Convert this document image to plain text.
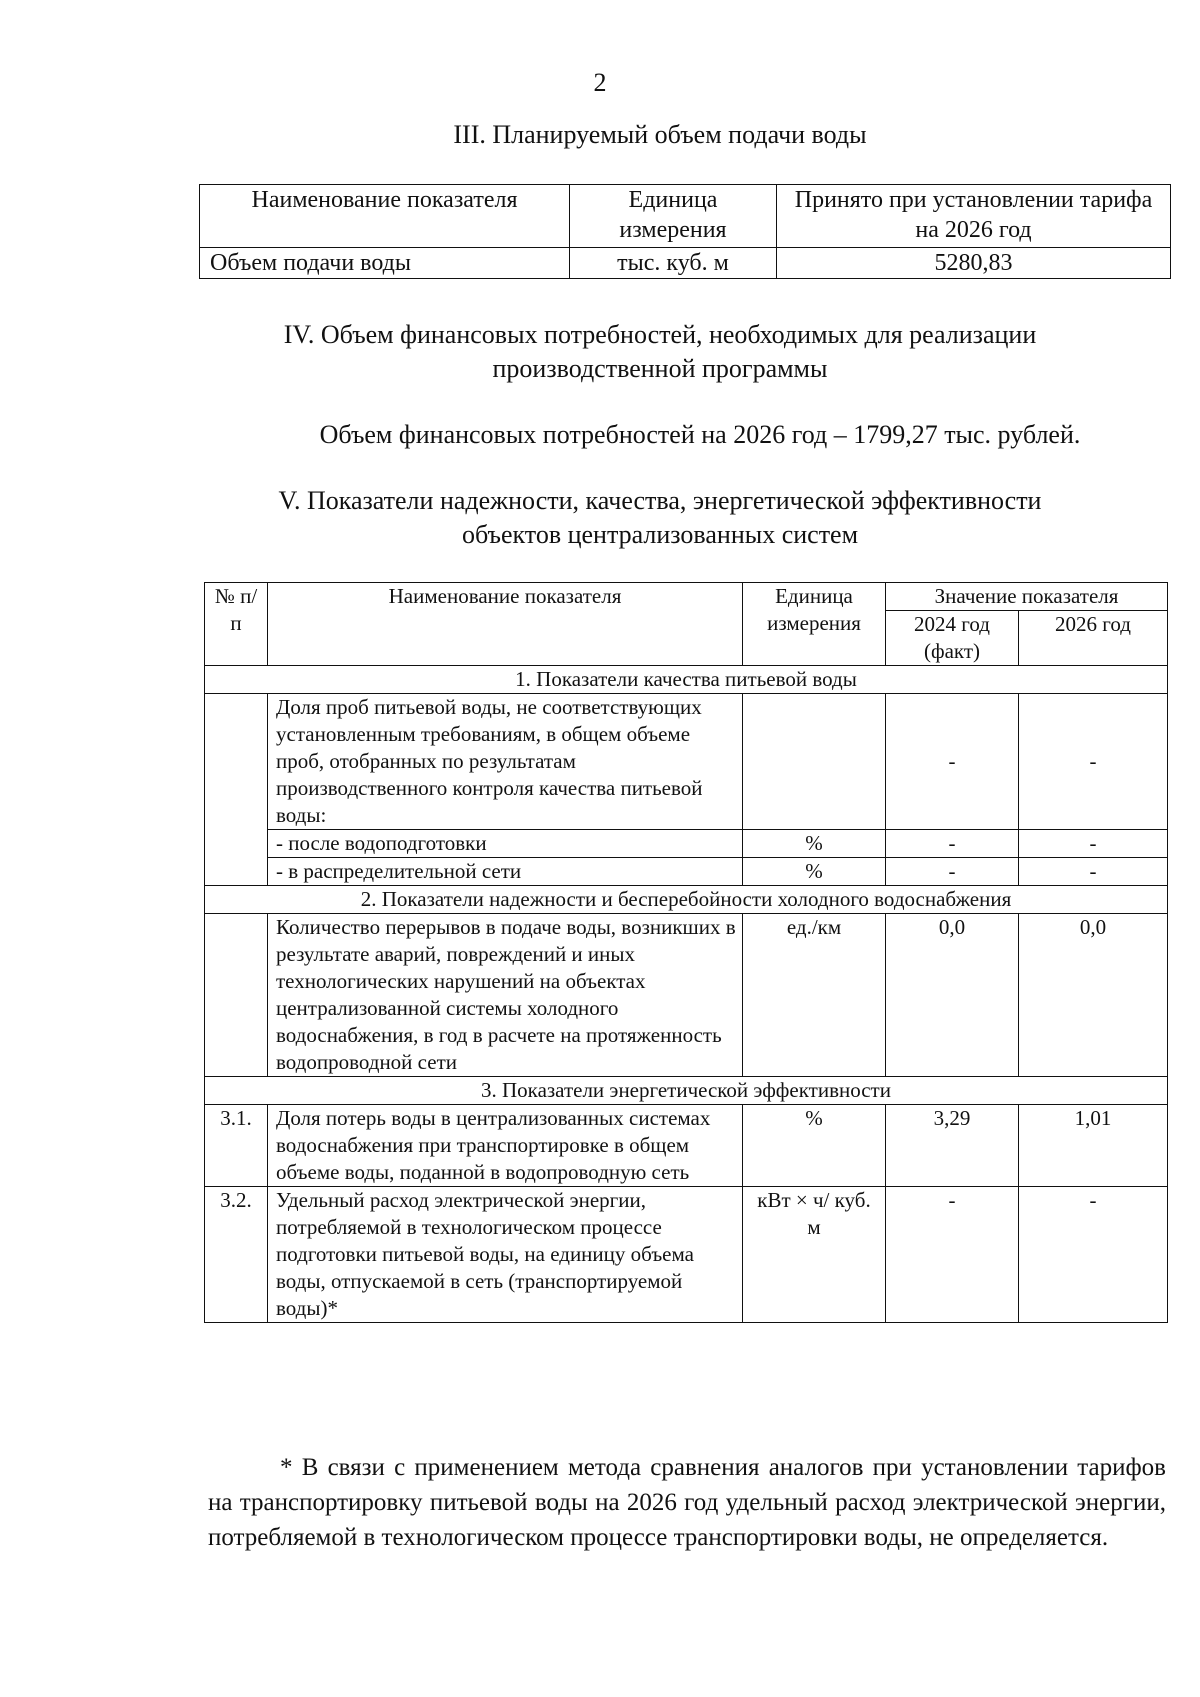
2
III. Планируемый объем подачи воды
Наименование показателя	Единица измерения	Принято при установлении тарифа на 2026 год
Объем подачи воды	тыс. куб. м	5280,83
IV. Объем финансовых потребностей, необходимых для реализации
производственной программы
Объем финансовых потребностей на 2026 год – 1799,27 тыс. рублей.
V. Показатели надежности, качества, энергетической эффективности
объектов централизованных систем
№ п/п	Наименование показателя	Единица измерения	Значение показателя	
			2024 год (факт)	2026 год
1. Показатели качества питьевой воды				
	Доля проб питьевой воды, не соответствующих установленным требованиям, в общем объеме проб, отобранных по результатам производственного контроля качества питьевой воды:		-	-
	- после водоподготовки	%	-	-
	- в распределительной сети	%	-	-
2. Показатели надежности и бесперебойности холодного водоснабжения				
	Количество перерывов в подаче воды, возникших в результате аварий, повреждений и иных технологических нарушений на объектах централизованной системы холодного водоснабжения, в год в расчете на протяженность водопроводной сети	ед./км	0,0	0,0
3. Показатели энергетической эффективности				
3.1.	Доля потерь воды в централизованных системах водоснабжения при транспортировке в общем объеме воды, поданной в водопроводную сеть	%	3,29	1,01
3.2.	Удельный расход электрической энергии, потребляемой в технологическом процессе подготовки питьевой воды, на единицу объема воды, отпускаемой в сеть (транспортируемой воды)*	кВт × ч/ куб. м	-	-
* В связи с применением метода сравнения аналогов при установлении тарифов на транспортировку питьевой воды на 2026 год удельный расход электрической энергии, потребляемой в технологическом процессе транспортировки воды, не определяется.
